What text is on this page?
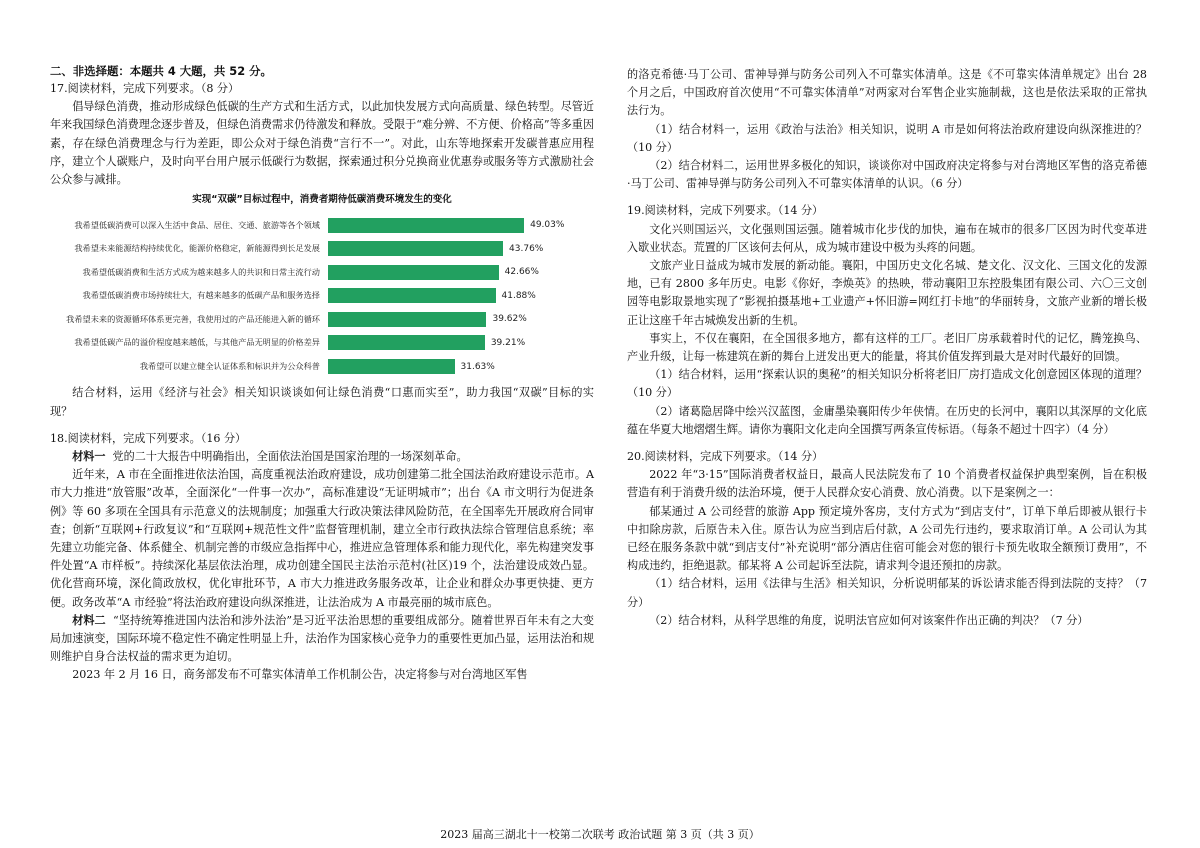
二、非选择题：本题共 4 大题，共 52 分。

17.阅读材料，完成下列要求。（8 分）

倡导绿色消费，推动形成绿色低碳的生产方式和生活方式，以此加快发展方式向高质量、绿色转型。尽管近年来我国绿色消费理念逐步普及，但绿色消费需求仍待激发和释放。受限于“难分辨、不方便、价格高”等多重因素，存在绿色消费理念与行为差距，即公众对于绿色消费“言行不一”。对此，山东等地探索开发碳普惠应用程序，建立个人碳账户，及时向平台用户展示低碳行为数据，探索通过积分兑换商业优惠券或服务等方式激励社会公众参与减排。

实现“双碳”目标过程中，消费者期待低碳消费环境发生的变化

我希望低碳消费可以深入生活中食品、居住、交通、旅游等各个领域	49.03%
我希望未来能源结构持续优化，能源价格稳定，新能源得到长足发展	43.76%
我希望低碳消费和生活方式成为越来越多人的共识和日常主流行动	42.66%
我希望低碳消费市场持续壮大，有越来越多的低碳产品和服务选择	41.88%
我希望未来的资源循环体系更完善，我使用过的产品还能进入新的循环	39.62%
我希望低碳产品的溢价程度越来越低，与其他产品无明显的价格差异	39.21%
我希望可以建立健全认证体系和标识并为公众科普	31.63%

结合材料，运用《经济与社会》相关知识谈谈如何让绿色消费“口惠而实至”，助力我国“双碳”目标的实现？

18.阅读材料，完成下列要求。（16 分）

材料一 党的二十大报告中明确指出，全面依法治国是国家治理的一场深刻革命。

近年来，A 市在全面推进依法治国，高度重视法治政府建设，成功创建第二批全国法治政府建设示范市。A 市大力推进“放管服”改革，全面深化“一件事一次办”，高标准建设“无证明城市”；出台《A 市文明行为促进条例》等 60 多项在全国具有示范意义的法规制度；加强重大行政决策法律风险防范，在全国率先开展政府合同审查；创新“互联网+行政复议”和“互联网+规范性文件”监督管理机制，建立全市行政执法综合管理信息系统；率先建立功能完备、体系健全、机制完善的市级应急指挥中心，推进应急管理体系和能力现代化，率先构建突发事件处置“A 市样板”。持续深化基层依法治理，成功创建全国民主法治示范村(社区)19 个，法治建设成效凸显。优化营商环境，深化简政放权，优化审批环节，A 市大力推进政务服务改革，让企业和群众办事更快捷、更方便。政务改革“A 市经验”将法治政府建设向纵深推进，让法治成为 A 市最亮丽的城市底色。

材料二 “坚持统筹推进国内法治和涉外法治”是习近平法治思想的重要组成部分。随着世界百年未有之大变局加速演变，国际环境不稳定性不确定性明显上升，法治作为国家核心竞争力的重要性更加凸显，运用法治和规则维护自身合法权益的需求更为迫切。

2023 年 2 月 16 日，商务部发布不可靠实体清单工作机制公告，决定将参与对台湾地区军售

的洛克希德·马丁公司、雷神导弹与防务公司列入不可靠实体清单。这是《不可靠实体清单规定》出台 28 个月之后，中国政府首次使用“不可靠实体清单”对两家对台军售企业实施制裁，这也是依法采取的正常执法行为。

（1）结合材料一，运用《政治与法治》相关知识，说明 A 市是如何将法治政府建设向纵深推进的？（10 分）

（2）结合材料二，运用世界多极化的知识，谈谈你对中国政府决定将参与对台湾地区军售的洛克希德·马丁公司、雷神导弹与防务公司列入不可靠实体清单的认识。（6 分）

19.阅读材料，完成下列要求。（14 分）

文化兴则国运兴，文化强则国运强。随着城市化步伐的加快，遍布在城市的很多厂区因为时代变革进入歇业状态。荒置的厂区该何去何从，成为城市建设中极为头疼的问题。

文旅产业日益成为城市发展的新动能。襄阳，中国历史文化名城、楚文化、汉文化、三国文化的发源地，已有 2800 多年历史。电影《你好，李焕英》的热映，带动襄阳卫东控股集团有限公司、六〇三文创园等电影取景地实现了“影视拍摄基地+工业遗产+怀旧游=网红打卡地”的华丽转身，文旅产业新的增长极正让这座千年古城焕发出新的生机。

事实上，不仅在襄阳，在全国很多地方，都有这样的工厂。老旧厂房承载着时代的记忆，腾笼换鸟、产业升级，让每一栋建筑在新的舞台上迸发出更大的能量，将其价值发挥到最大是对时代最好的回馈。

（1）结合材料，运用“探索认识的奥秘”的相关知识分析将老旧厂房打造成文化创意园区体现的道理？（10 分）

（2）诸葛隐居降中绘兴汉蓝图，金庸墨染襄阳传少年侠情。在历史的长河中，襄阳以其深厚的文化底蕴在华夏大地熠熠生辉。请你为襄阳文化走向全国撰写两条宣传标语。（每条不超过十四字）（4 分）

20.阅读材料，完成下列要求。（14 分）

2022 年“3·15”国际消费者权益日，最高人民法院发布了 10 个消费者权益保护典型案例，旨在积极营造有利于消费升级的法治环境，便于人民群众安心消费、放心消费。以下是案例之一：

郁某通过 A 公司经营的旅游 App 预定境外客房，支付方式为“到店支付”，订单下单后即被从银行卡中扣除房款，后原告未入住。原告认为应当到店后付款，A 公司先行违约，要求取消订单。A 公司认为其已经在服务条款中就“到店支付”补充说明“部分酒店住宿可能会对您的银行卡预先收取全额预订费用”，不构成违约，拒绝退款。郁某将 A 公司起诉至法院，请求判令退还预扣的房款。

（1）结合材料，运用《法律与生活》相关知识，分析说明郁某的诉讼请求能否得到法院的支持？（7 分）

（2）结合材料，从科学思维的角度，说明法官应如何对该案件作出正确的判决？（7 分）

2023 届高三湖北十一校第二次联考 政治试题 第 3 页（共 3 页）
